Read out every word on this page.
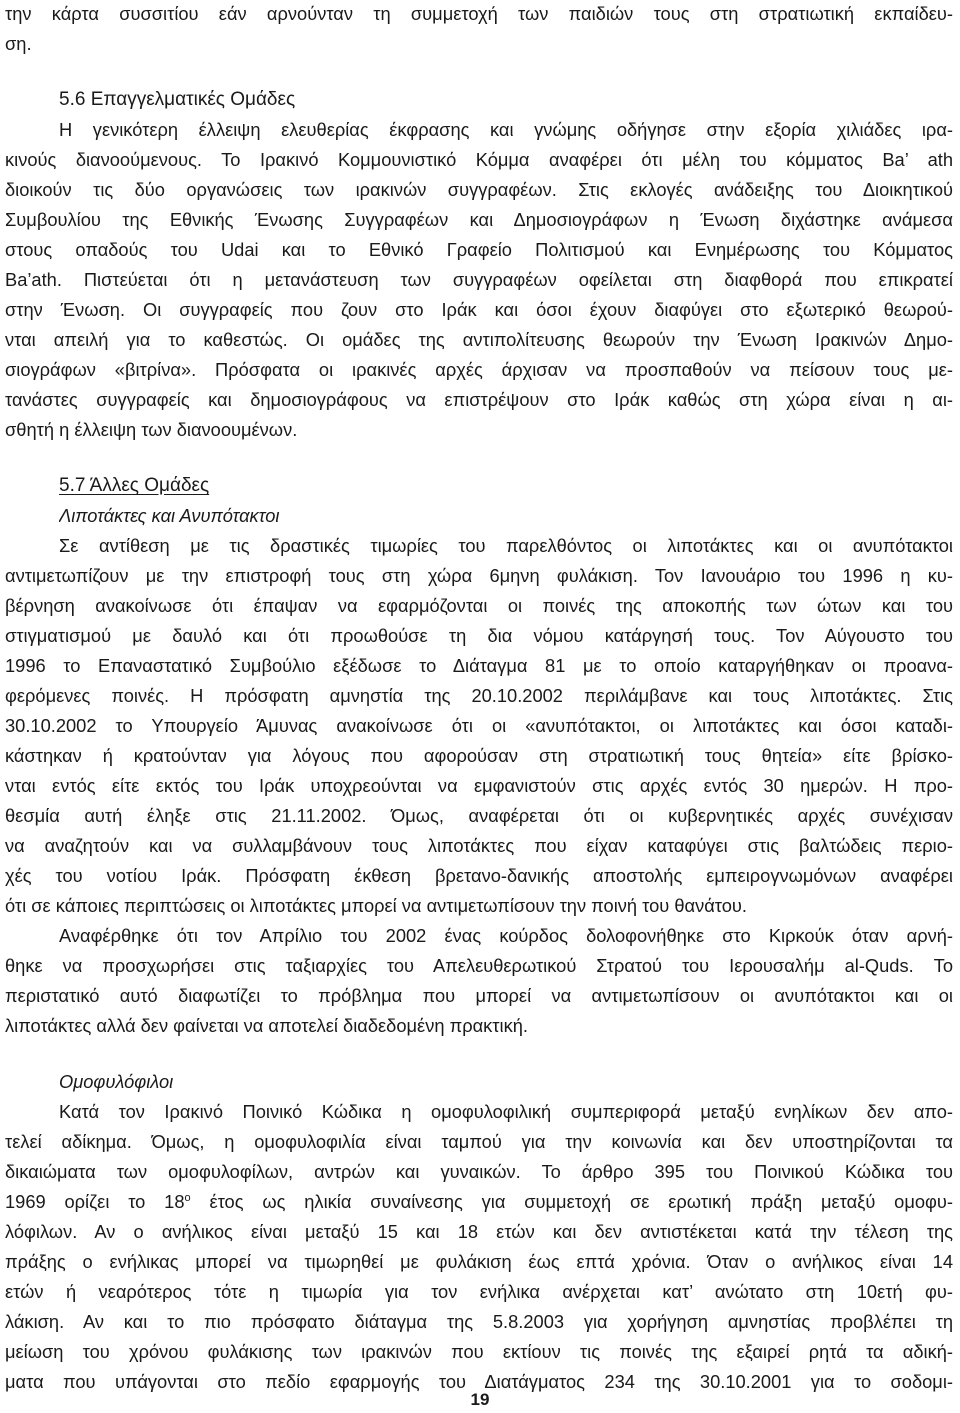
την κάρτα συσσιτίου εάν αρνούνταν τη συμμετοχή των παιδιών τους στη στρατιωτική εκπαίδευ-
ση.
5.6 Επαγγελματικές Ομάδες
Η γενικότερη έλλειψη ελευθερίας έκφρασης και γνώμης οδήγησε στην εξορία χιλιάδες ιρα-
κινούς διανοούμενους. Το Ιρακινό Κομμουνιστικό Κόμμα αναφέρει ότι μέλη του κόμματος Ba’ ath
διοικούν τις δύο οργανώσεις των ιρακινών συγγραφέων. Στις εκλογές ανάδειξης του Διοικητικού
Συμβουλίου της Εθνικής Ένωσης Συγγραφέων και Δημοσιογράφων η Ένωση διχάστηκε ανάμεσα
στους οπαδούς του Udai και το Εθνικό Γραφείο Πολιτισμού και Ενημέρωσης του Κόμματος
Ba’ath. Πιστεύεται ότι η μετανάστευση των συγγραφέων οφείλεται στη διαφθορά που επικρατεί
στην Ένωση. Οι συγγραφείς που ζουν στο Ιράκ και όσοι έχουν διαφύγει στο εξωτερικό θεωρού-
νται απειλή για το καθεστώς. Οι ομάδες της αντιπολίτευσης θεωρούν την Ένωση Ιρακινών Δημο-
σιογράφων «βιτρίνα». Πρόσφατα οι ιρακινές αρχές άρχισαν να προσπαθούν να πείσουν τους με-
τανάστες συγγραφείς και δημοσιογράφους να επιστρέψουν στο Ιράκ καθώς στη χώρα είναι η αι-
σθητή η έλλειψη των διανοουμένων.
5.7 Άλλες Ομάδες
Λιποτάκτες και Ανυπότακτοι
Σε αντίθεση με τις δραστικές τιμωρίες του παρελθόντος οι λιποτάκτες και οι ανυπότακτοι
αντιμετωπίζουν με την επιστροφή τους στη χώρα 6μηνη φυλάκιση. Τον Ιανουάριο του 1996 η κυ-
βέρνηση ανακοίνωσε ότι έπαψαν να εφαρμόζονται οι ποινές της αποκοπής των ώτων και του
στιγματισμού με δαυλό και ότι προωθούσε τη δια νόμου κατάργησή τους. Τον Αύγουστο του
1996 το Επαναστατικό Συμβούλιο εξέδωσε το Διάταγμα 81 με το οποίο καταργήθηκαν οι προανα-
φερόμενες ποινές. Η πρόσφατη αμνηστία της 20.10.2002 περιλάμβανε και τους λιποτάκτες. Στις
30.10.2002 το Υπουργείο Άμυνας ανακοίνωσε ότι οι «ανυπότακτοι, οι λιποτάκτες και όσοι καταδι-
κάστηκαν ή κρατούνταν για λόγους που αφορούσαν στη στρατιωτική τους θητεία» είτε βρίσκο-
νται εντός είτε εκτός του Ιράκ υποχρεούνται να εμφανιστούν στις αρχές εντός 30 ημερών. Η προ-
θεσμία αυτή έληξε στις 21.11.2002. Όμως, αναφέρεται ότι οι κυβερνητικές αρχές συνέχισαν
να αναζητούν και να συλλαμβάνουν τους λιποτάκτες που είχαν καταφύγει στις βαλτώδεις περιο-
χές του νοτίου Ιράκ. Πρόσφατη έκθεση βρετανο-δανικής αποστολής εμπειρογνωμόνων αναφέρει
ότι σε κάποιες περιπτώσεις οι λιποτάκτες μπορεί να αντιμετωπίσουν την ποινή του θανάτου.
Αναφέρθηκε ότι τον Απρίλιο του 2002 ένας κούρδος δολοφονήθηκε στο Κιρκούκ όταν αρνή-
θηκε να προσχωρήσει στις ταξιαρχίες του Απελευθερωτικού Στρατού του Ιερουσαλήμ al-Quds. Το
περιστατικό αυτό διαφωτίζει το πρόβλημα που μπορεί να αντιμετωπίσουν οι ανυπότακτοι και οι
λιποτάκτες αλλά δεν φαίνεται να αποτελεί διαδεδομένη πρακτική.
Ομοφυλόφιλοι
Κατά τον Ιρακινό Ποινικό Κώδικα η ομοφυλοφιλική συμπεριφορά μεταξύ ενηλίκων δεν απο-
τελεί αδίκημα. Όμως, η ομοφυλοφιλία είναι ταμπού για την κοινωνία και δεν υποστηρίζονται τα
δικαιώματα των ομοφυλοφίλων, αντρών και γυναικών. Το άρθρο 395 του Ποινικού Κώδικα του
1969 ορίζει το $18^o$ έτος ως ηλικία συναίνεσης για συμμετοχή σε ερωτική πράξη μεταξύ ομοφυ-
λόφιλων. Αν ο ανήλικος είναι μεταξύ 15 και 18 ετών και δεν αντιστέκεται κατά την τέλεση της
πράξης ο ενήλικας μπορεί να τιμωρηθεί με φυλάκιση έως επτά χρόνια. Όταν ο ανήλικος είναι 14
ετών ή νεαρότερος τότε η τιμωρία για τον ενήλικα ανέρχεται κατ’ ανώτατο στη 10ετή φυ-
λάκιση. Αν και το πιο πρόσφατο διάταγμα της 5.8.2003 για χορήγηση αμνηστίας προβλέπει τη
μείωση του χρόνου φυλάκισης των ιρακινών που εκτίουν τις ποινές της εξαιρεί ρητά τα αδική-
ματα που υπάγονται στο πεδίο εφαρμογής του Διατάγματος 234 της 30.10.2001 για το σοδομι-
19
